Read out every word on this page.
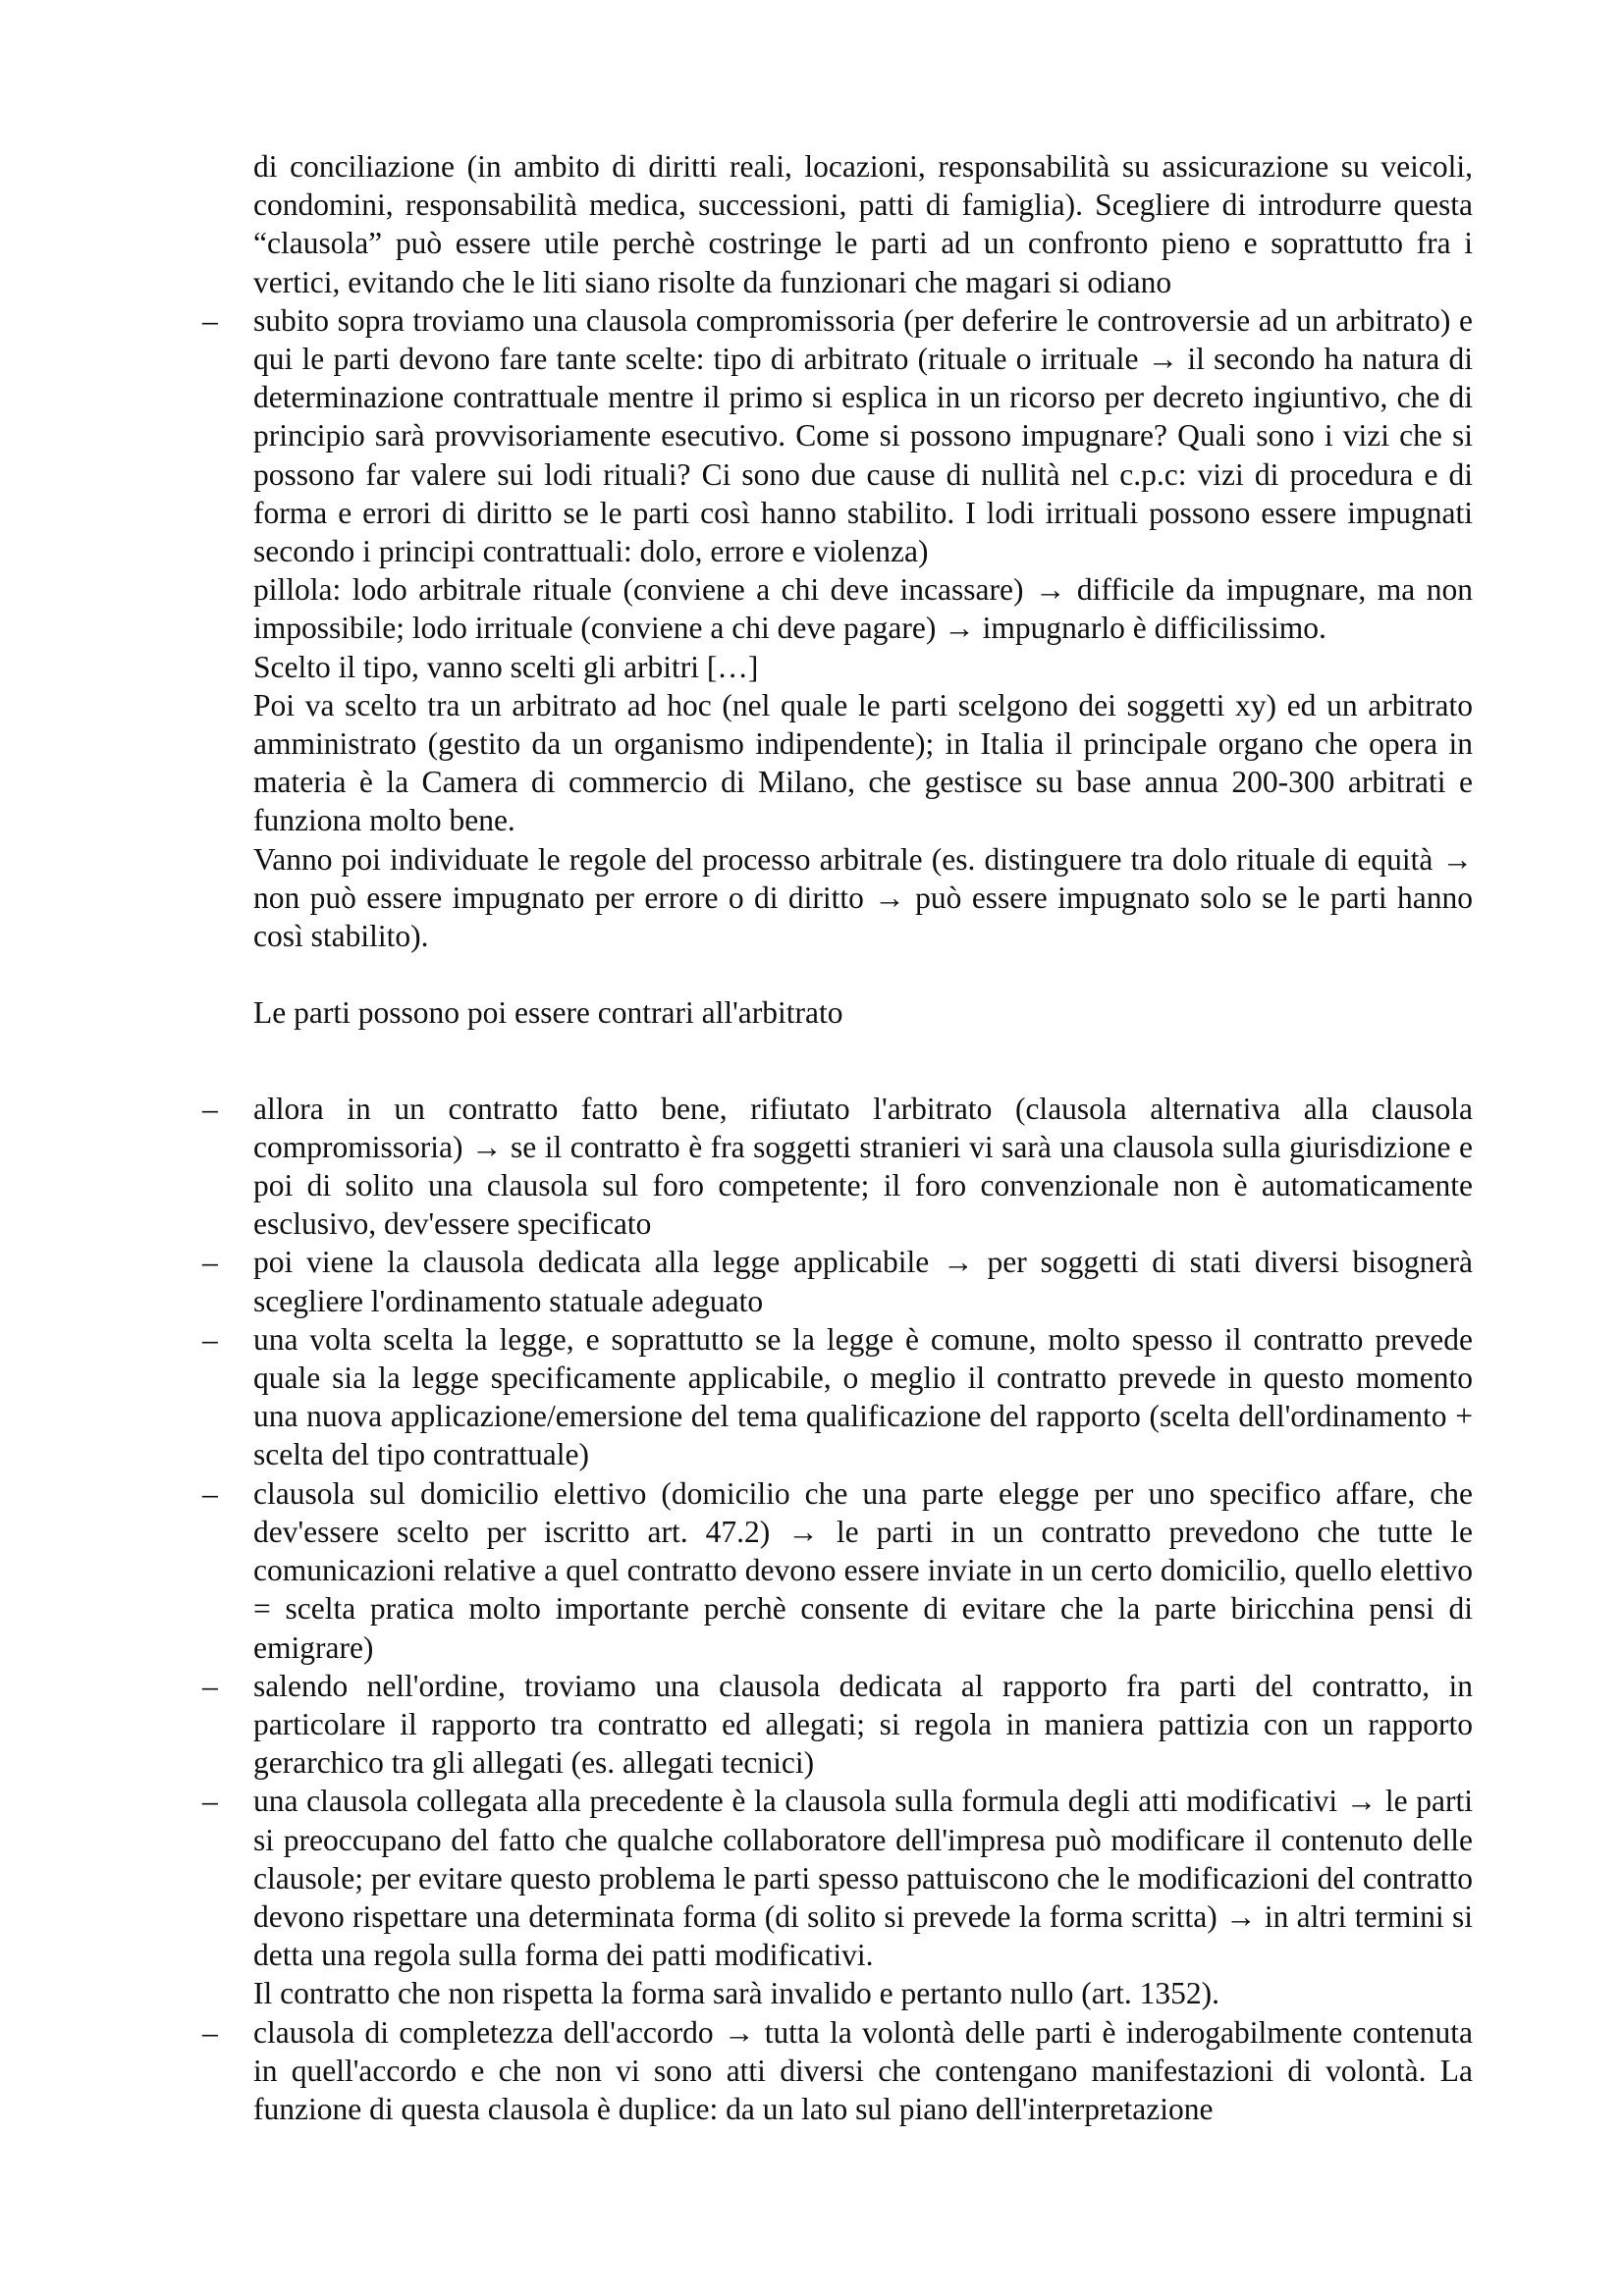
di conciliazione (in ambito di diritti reali, locazioni, responsabilità su assicurazione su veicoli, condomini, responsabilità medica, successioni, patti di famiglia). Scegliere di introdurre questa “clausola” può essere utile perchè costringe le parti ad un confronto pieno e soprattutto fra i vertici, evitando che le liti siano risolte da funzionari che magari si odiano

– subito sopra troviamo una clausola compromissoria (per deferire le controversie ad un arbitrato) e qui le parti devono fare tante scelte: tipo di arbitrato (rituale o irrituale → il secondo ha natura di determinazione contrattuale mentre il primo si esplica in un ricorso per decreto ingiuntivo, che di principio sarà provvisoriamente esecutivo. Come si possono impugnare? Quali sono i vizi che si possono far valere sui lodi rituali? Ci sono due cause di nullità nel c.p.c: vizi di procedura e di forma e errori di diritto se le parti così hanno stabilito. I lodi irrituali possono essere impugnati secondo i principi contrattuali: dolo, errore e violenza)

pillola: lodo arbitrale rituale (conviene a chi deve incassare) → difficile da impugnare, ma non impossibile; lodo irrituale (conviene a chi deve pagare) → impugnarlo è difficilissimo.

Scelto il tipo, vanno scelti gli arbitri […]

Poi va scelto tra un arbitrato ad hoc (nel quale le parti scelgono dei soggetti xy) ed un arbitrato amministrato (gestito da un organismo indipendente); in Italia il principale organo che opera in materia è la Camera di commercio di Milano, che gestisce su base annua 200-300 arbitrati e funziona molto bene.

Vanno poi individuate le regole del processo arbitrale (es. distinguere tra dolo rituale di equità → non può essere impugnato per errore o di diritto → può essere impugnato solo se le parti hanno così stabilito).

Le parti possono poi essere contrari all'arbitrato

– allora in un contratto fatto bene, rifiutato l'arbitrato (clausola alternativa alla clausola compromissoria) → se il contratto è fra soggetti stranieri vi sarà una clausola sulla giurisdizione e poi di solito una clausola sul foro competente; il foro convenzionale non è automaticamente esclusivo, dev'essere specificato

– poi viene la clausola dedicata alla legge applicabile → per soggetti di stati diversi bisognerà scegliere l'ordinamento statuale adeguato

– una volta scelta la legge, e soprattutto se la legge è comune, molto spesso il contratto prevede quale sia la legge specificamente applicabile, o meglio il contratto prevede in questo momento una nuova applicazione/emersione del tema qualificazione del rapporto (scelta dell'ordinamento + scelta del tipo contrattuale)

– clausola sul domicilio elettivo (domicilio che una parte elegge per uno specifico affare, che dev'essere scelto per iscritto art. 47.2) → le parti in un contratto prevedono che tutte le comunicazioni relative a quel contratto devono essere inviate in un certo domicilio, quello elettivo = scelta pratica molto importante perchè consente di evitare che la parte biricchina pensi di emigrare)

– salendo nell'ordine, troviamo una clausola dedicata al rapporto fra parti del contratto, in particolare il rapporto tra contratto ed allegati; si regola in maniera pattizia con un rapporto gerarchico tra gli allegati (es. allegati tecnici)

– una clausola collegata alla precedente è la clausola sulla formula degli atti modificativi → le parti si preoccupano del fatto che qualche collaboratore dell'impresa può modificare il contenuto delle clausole; per evitare questo problema le parti spesso pattuiscono che le modificazioni del contratto devono rispettare una determinata forma (di solito si prevede la forma scritta) → in altri termini si detta una regola sulla forma dei patti modificativi.

Il contratto che non rispetta la forma sarà invalido e pertanto nullo (art. 1352).

– clausola di completezza dell'accordo → tutta la volontà delle parti è inderogabilmente contenuta in quell'accordo e che non vi sono atti diversi che contengano manifestazioni di volontà. La funzione di questa clausola è duplice: da un lato sul piano dell'interpretazione
